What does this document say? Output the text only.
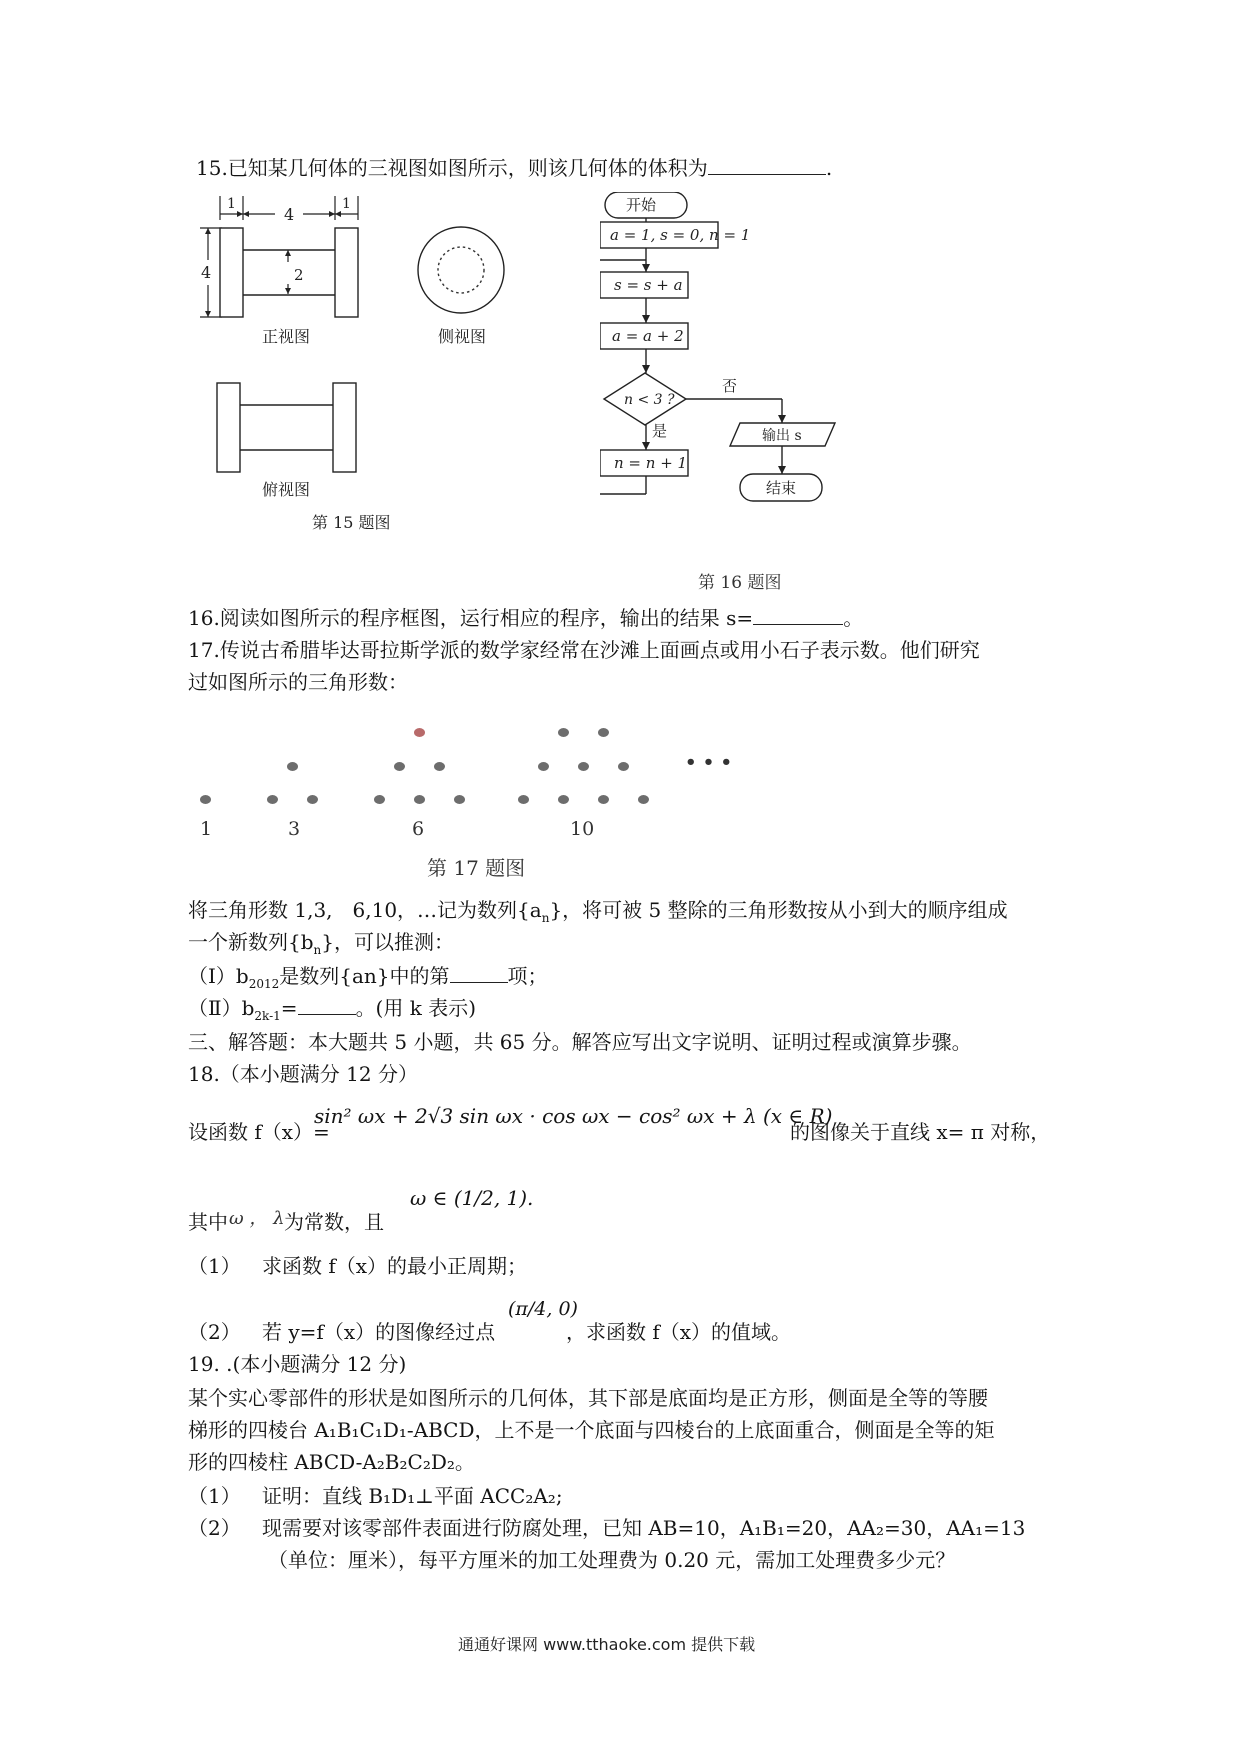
15.已知某几何体的三视图如图所示，则该几何体的体积为	.
1
4
1
4	2
正视图	侧视图
俯视图
第 15 题图
开始
a = 1, s = 0, n = 1
s = s + a
a = a + 2
n < 3 ?
是
否
n = n + 1
输出 s
结束
第 16 题图
16.阅读如图所示的程序框图，运行相应的程序，输出的结果 s=	。
17.传说古希腊毕达哥拉斯学派的数学家经常在沙滩上面画点或用小石子表示数。他们研究
过如图所示的三角形数：
• • •
1	3	6	10
第 17 题图
将三角形数 1,3,　6,10，…记为数列$\{a_n\}$，将可被 5 整除的三角形数按从小到大的顺序组成
一个新数列$\{b_n\}$，可以推测：
$(Ⅰ)b_{2012}$是数列{an}中的第	项；
$(Ⅱ)b_{2k-1}=$	。(用 k 表示)
三、解答题：本大题共 5 小题，共 65 分。解答应写出文字说明、证明过程或演算步骤。
18.（本小题满分 12 分）
设函数 f（x）=
sin² ωx + 2√3 sin ωx · cos ωx − cos² ωx + λ (x ∈ R)
的图像关于直线 x= π 对称，
其中 ω ， λ 为常数，且
ω ∈ (1/2, 1).
（1） 求函数 f（x）的最小正周期；
（2） 若 y=f（x）的图像经过点
(π/4, 0)
，求函数 f（x）的值域。
19. .(本小题满分 12 分)
某个实心零部件的形状是如图所示的几何体，其下部是底面均是正方形，侧面是全等的等腰
梯形的四棱台 A₁B₁C₁D₁-ABCD，上不是一个底面与四棱台的上底面重合，侧面是全等的矩
形的四棱柱 ABCD-A₂B₂C₂D₂。
（1） 证明：直线 B₁D₁⊥平面 ACC₂A₂;
（2） 现需要对该零部件表面进行防腐处理，已知 AB=10，A₁B₁=20，AA₂=30，AA₁=13
（单位：厘米），每平方厘米的加工处理费为 0.20 元，需加工处理费多少元？
通通好课网 www.tthaoke.com 提供下载
